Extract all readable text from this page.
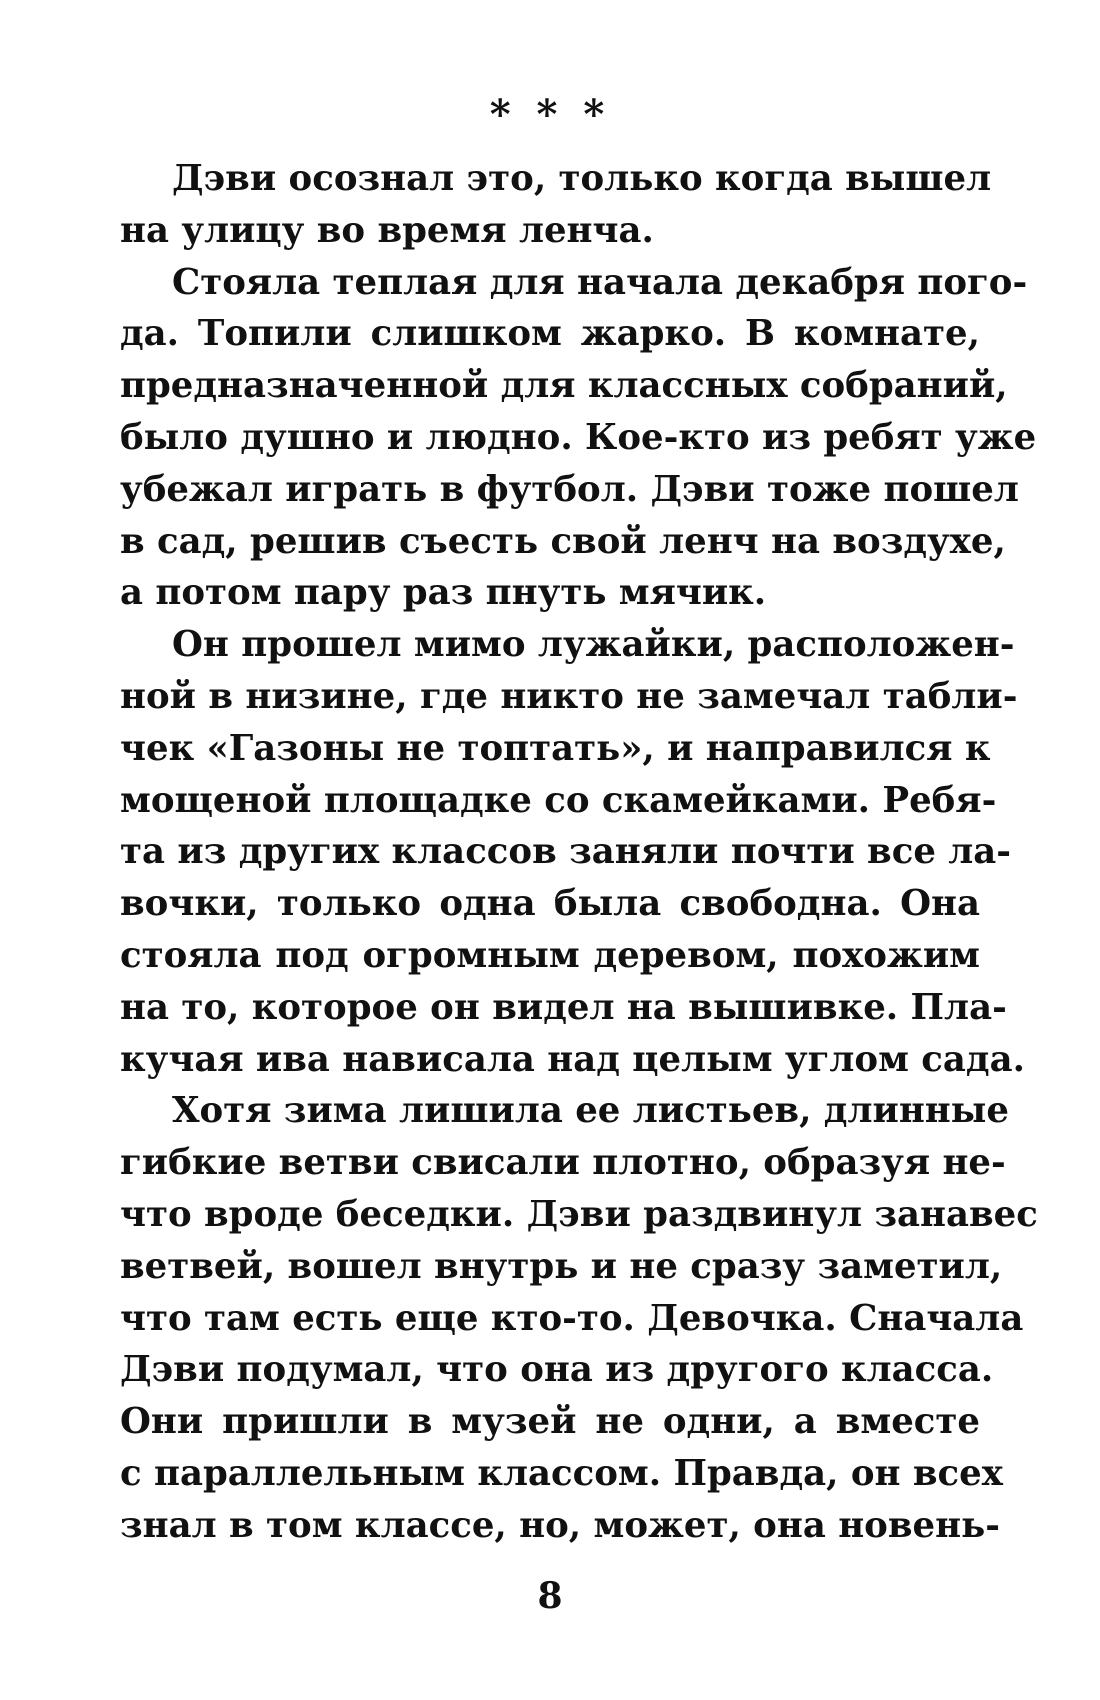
* * *
Дэви осознал это, только когда вышел
на улицу во время ленча.
Стояла теплая для начала декабря пого-
да. Топили слишком жарко. В комнате,
предназначенной для классных собраний,
было душно и людно. Кое-кто из ребят уже
убежал играть в футбол. Дэви тоже пошел
в сад, решив съесть свой ленч на воздухе,
а потом пару раз пнуть мячик.
Он прошел мимо лужайки, расположен-
ной в низине, где никто не замечал табли-
чек «Газоны не топтать», и направился к
мощеной площадке со скамейками. Ребя-
та из других классов заняли почти все ла-
вочки, только одна была свободна. Она
стояла под огромным деревом, похожим
на то, которое он видел на вышивке. Пла-
кучая ива нависала над целым углом сада.
Хотя зима лишила ее листьев, длинные
гибкие ветви свисали плотно, образуя не-
что вроде беседки. Дэви раздвинул занавес
ветвей, вошел внутрь и не сразу заметил,
что там есть еще кто-то. Девочка. Сначала
Дэви подумал, что она из другого класса.
Они пришли в музей не одни, а вместе
с параллельным классом. Правда, он всех
знал в том классе, но, может, она новень-
8
